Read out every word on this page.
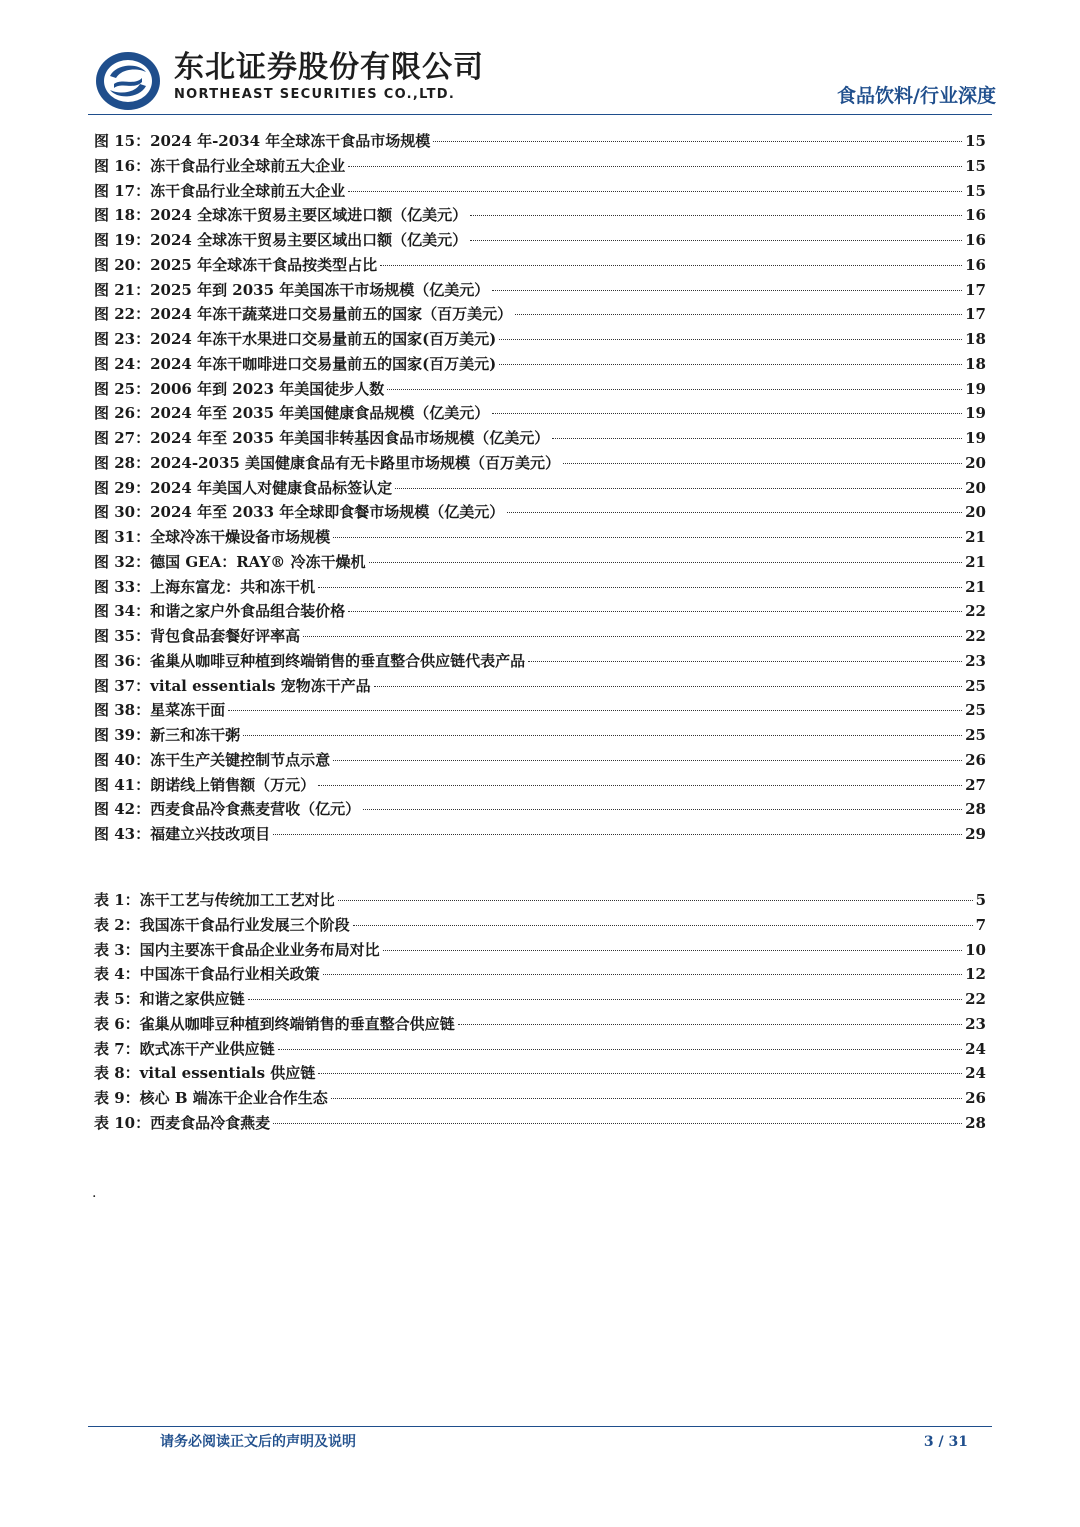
东北证券股份有限公司
NORTHEAST SECURITIES CO.,LTD.	食品饮料/行业深度
图 15： 2024 年-2034 年全球冻干食品市场规模	15
图 16： 冻干食品行业全球前五大企业	15
图 17： 冻干食品行业全球前五大企业	15
图 18： 2024 全球冻干贸易主要区域进口额（亿美元）	16
图 19： 2024 全球冻干贸易主要区域出口额（亿美元）	16
图 20： 2025 年全球冻干食品按类型占比	16
图 21： 2025 年到 2035 年美国冻干市场规模（亿美元）	17
图 22： 2024 年冻干蔬菜进口交易量前五的国家（百万美元）	17
图 23： 2024 年冻干水果进口交易量前五的国家(百万美元)	18
图 24： 2024 年冻干咖啡进口交易量前五的国家(百万美元)	18
图 25： 2006 年到 2023 年美国徒步人数	19
图 26： 2024 年至 2035 年美国健康食品规模（亿美元）	19
图 27： 2024 年至 2035 年美国非转基因食品市场规模（亿美元）	19
图 28： 2024-2035 美国健康食品有无卡路里市场规模（百万美元）	20
图 29： 2024 年美国人对健康食品标签认定	20
图 30： 2024 年至 2033 年全球即食餐市场规模（亿美元）	20
图 31： 全球冷冻干燥设备市场规模	21
图 32： 德国 GEA：RAY® 冷冻干燥机	21
图 33： 上海东富龙：共和冻干机	21
图 34： 和谐之家户外食品组合装价格	22
图 35： 背包食品套餐好评率高	22
图 36： 雀巢从咖啡豆种植到终端销售的垂直整合供应链代表产品	23
图 37： vital essentials 宠物冻干产品	25
图 38： 星菜冻干面	25
图 39： 新三和冻干粥	25
图 40： 冻干生产关键控制节点示意	26
图 41： 朗诺线上销售额（万元）	27
图 42： 西麦食品冷食燕麦营收（亿元）	28
图 43： 福建立兴技改项目	29
表 1： 冻干工艺与传统加工工艺对比	5
表 2： 我国冻干食品行业发展三个阶段	7
表 3： 国内主要冻干食品企业业务布局对比	10
表 4： 中国冻干食品行业相关政策	12
表 5： 和谐之家供应链	22
表 6： 雀巢从咖啡豆种植到终端销售的垂直整合供应链	23
表 7： 欧式冻干产业供应链	24
表 8： vital essentials 供应链	24
表 9： 核心 B 端冻干企业合作生态	26
表 10： 西麦食品冷食燕麦	28
.
请务必阅读正文后的声明及说明	3 / 31
